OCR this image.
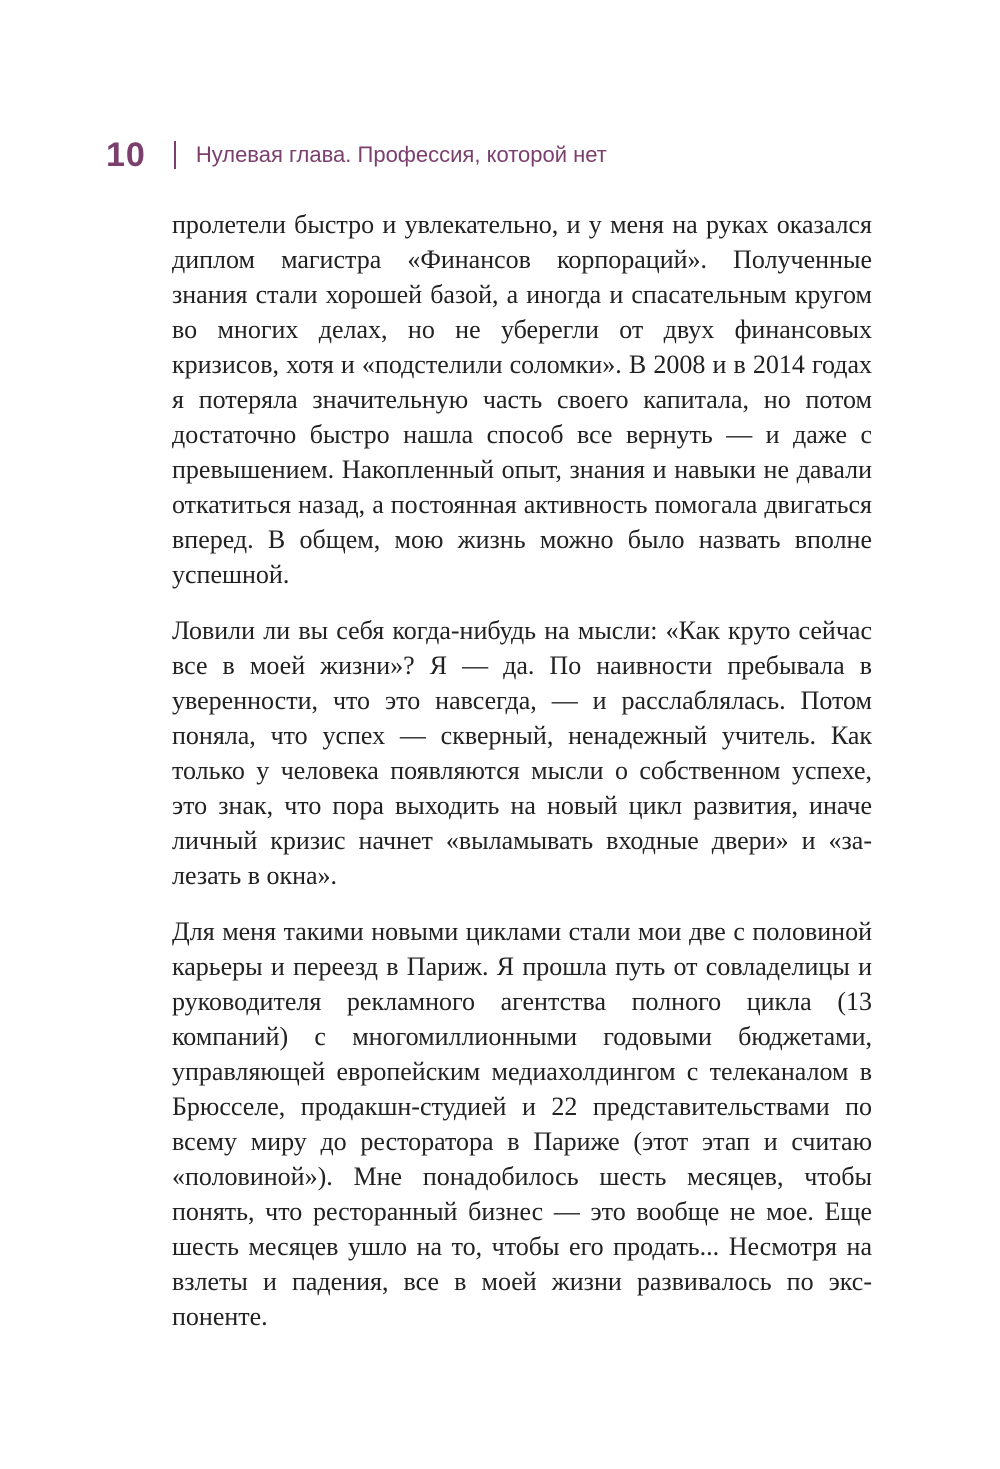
10 Нулевая глава. Профессия, которой нет

пролетели быстро и увлекательно, и у меня на руках оказался диплом магистра «Финансов корпораций». Полученные знания стали хорошей базой, а иногда и спасательным кругом во многих делах, но не уберегли от двух финансовых кризисов, хотя и «подстелили соломки». В 2008 и в 2014 годах я потеряла значительную часть своего капитала, но потом достаточно быстро нашла способ все вернуть — и даже с превышением. Накопленный опыт, знания и навыки не давали откатиться назад, а постоянная активность помогала двигаться вперед. В общем, мою жизнь можно было назвать вполне успешной.

Ловили ли вы себя когда-нибудь на мысли: «Как круто сейчас все в моей жизни»? Я — да. По наивности пребывала в уверенности, что это навсегда, — и расслаблялась. Потом поняла, что успех — скверный, ненадежный учитель. Как только у человека появляются мысли о собственном успехе, это знак, что пора выходить на новый цикл развития, иначе личный кризис начнет «выламывать входные двери» и «залезать в окна».

Для меня такими новыми циклами стали мои две с половиной карьеры и переезд в Париж. Я прошла путь от совладелицы и руководителя рекламного агентства полного цикла (13 компаний) с многомиллионными годовыми бюджетами, управляющей европейским медиахолдингом с телеканалом в Брюсселе, продакшн-студией и 22 представительствами по всему миру до ресторатора в Париже (этот этап и считаю «половиной»). Мне понадобилось шесть месяцев, чтобы понять, что ресторанный бизнес — это вообще не мое. Еще шесть месяцев ушло на то, чтобы его продать... Несмотря на взлеты и падения, все в моей жизни развивалось по экспоненте.
